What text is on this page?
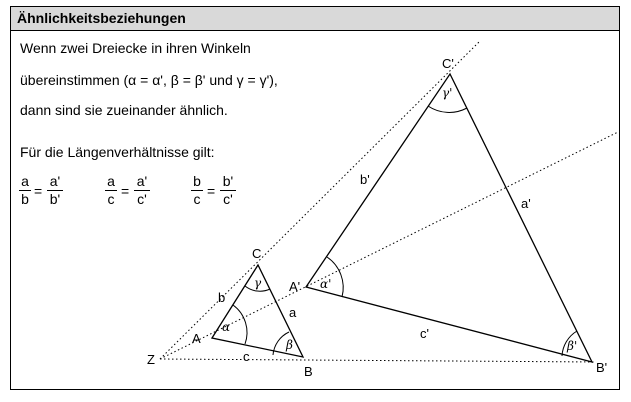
Ähnlichkeitsbeziehungen
Wenn zwei Dreiecke in ihren Winkeln
übereinstimmen (α = α', β = β' und γ = γ'),
dann sind sie zueinander ähnlich.
Für die Längenverhältnisse gilt:
a
b =
a'
b'
a
c =
a'
c'
b
c =
b'
c'
Z
A
B
C
A'
B'
C'
a
b
c
a'
b'
c'
α
β
γ	α'
β'
γ'
